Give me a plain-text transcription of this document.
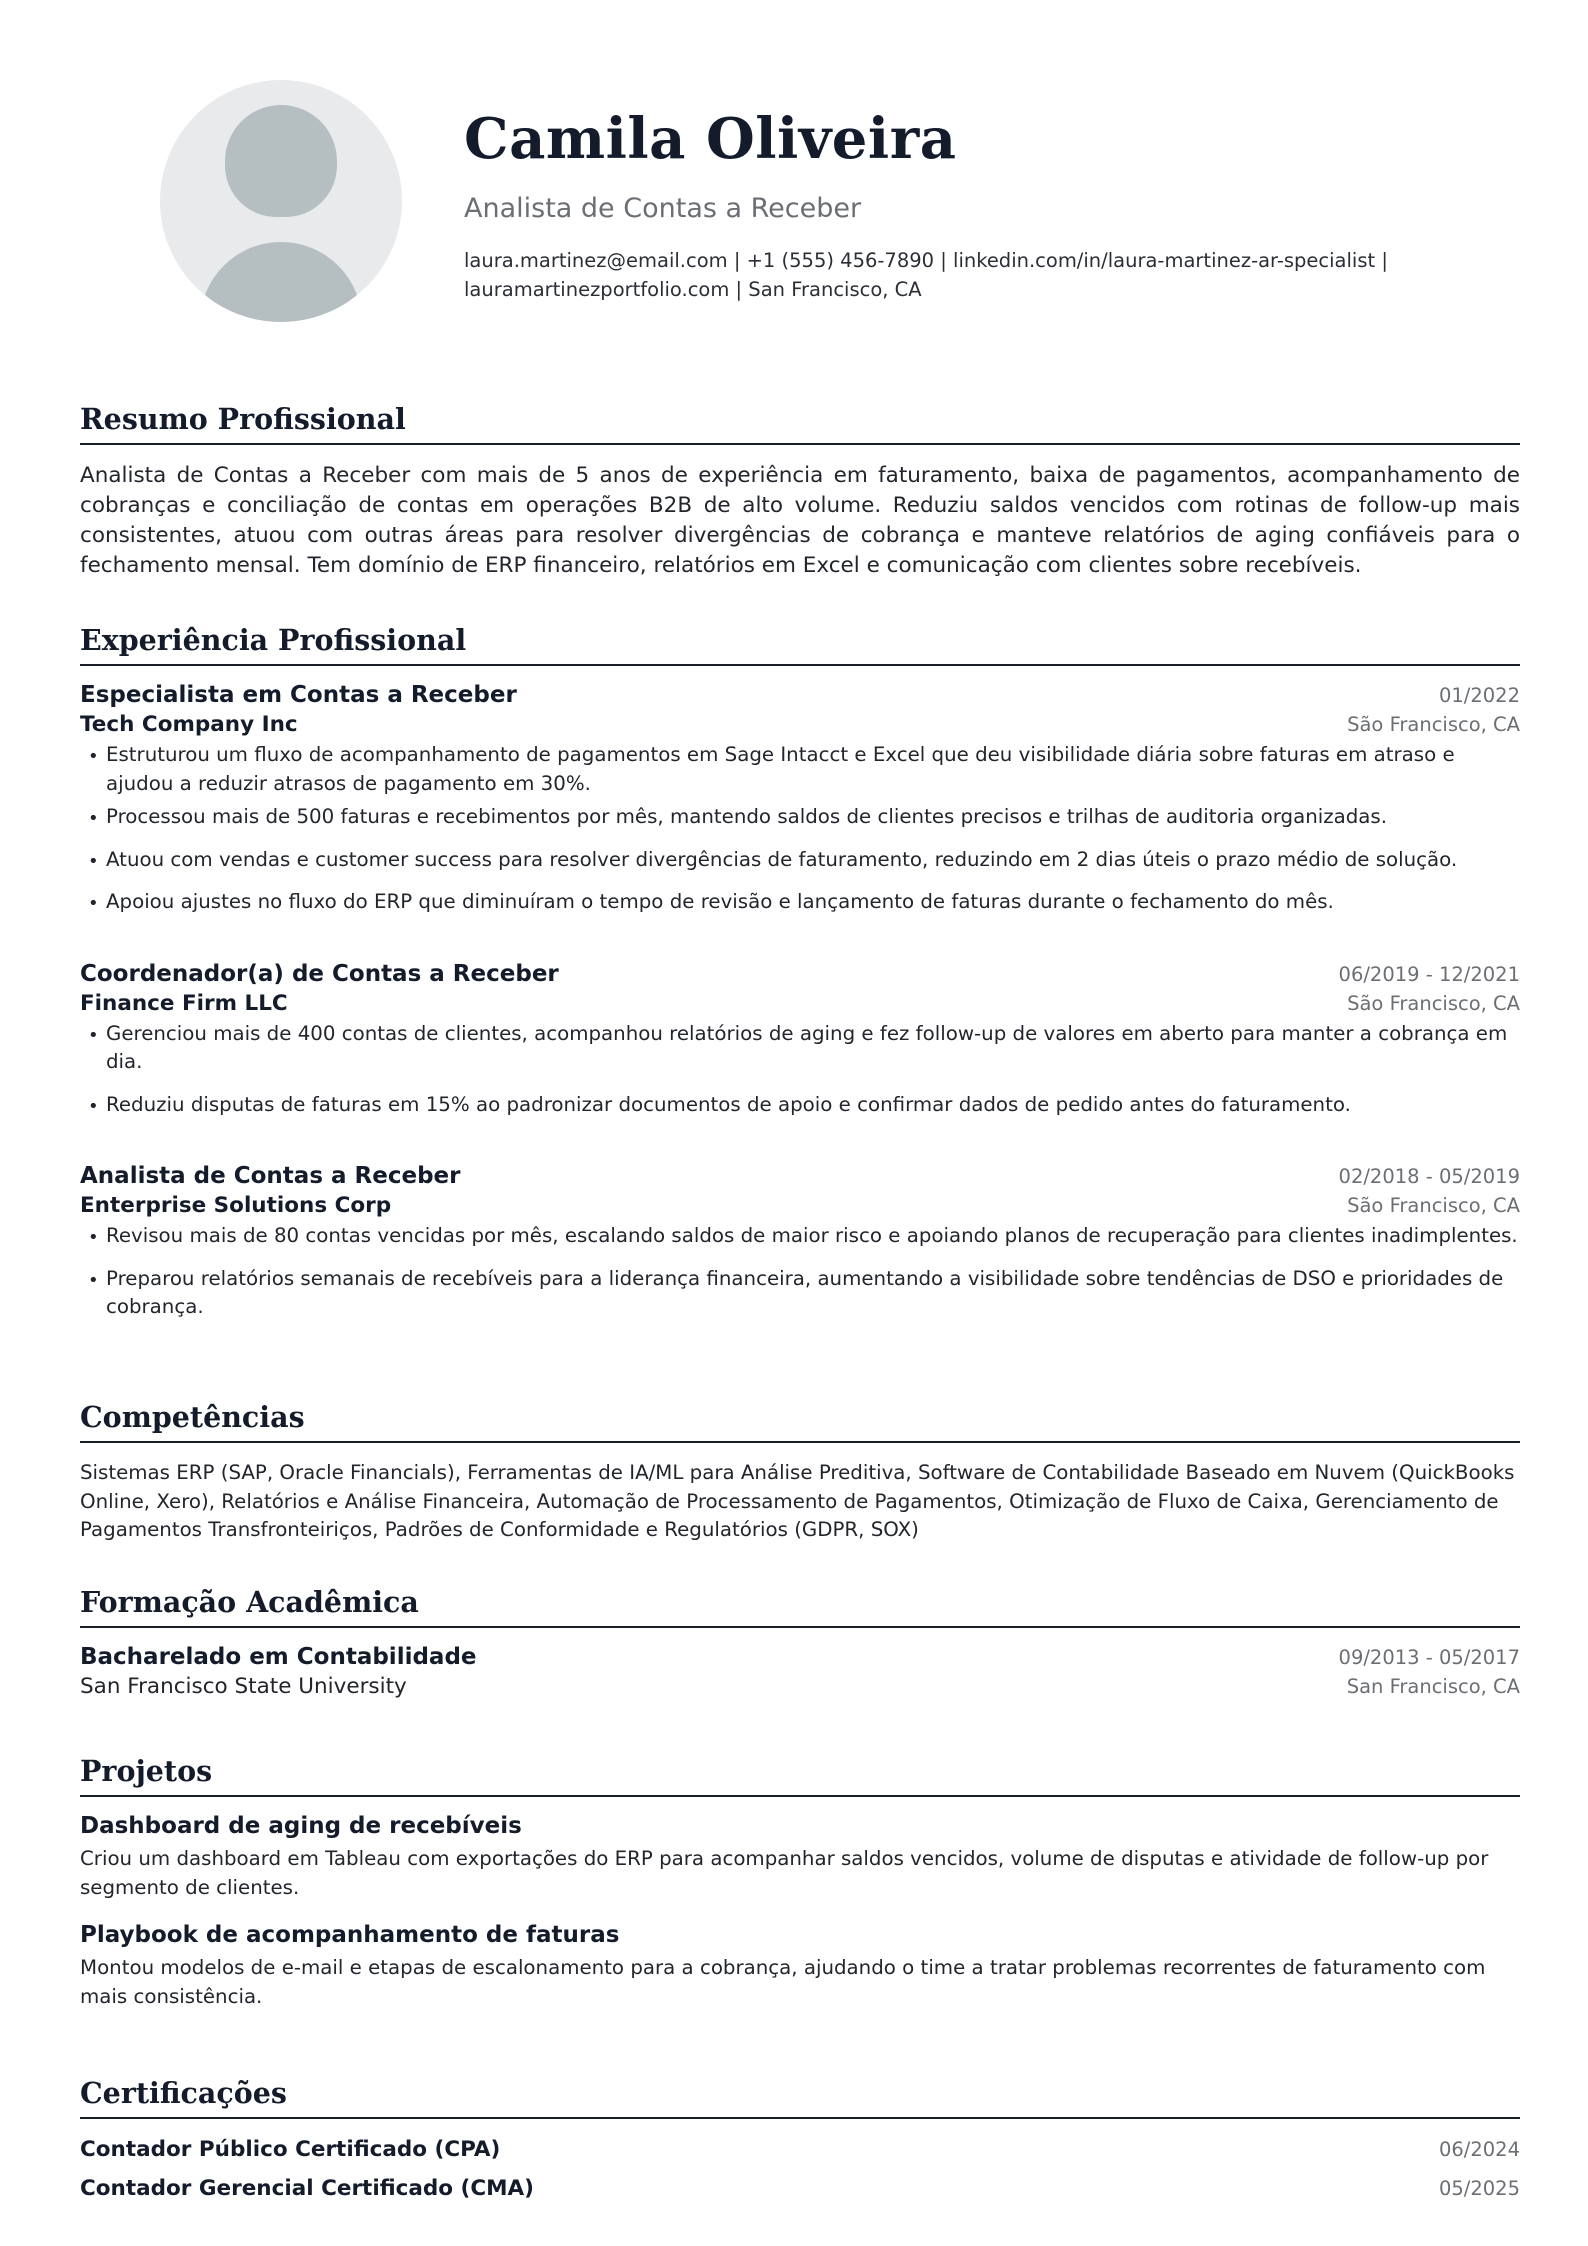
Camila Oliveira
Analista de Contas a Receber
laura.martinez@email.com | +1 (555) 456-7890 | linkedin.com/in/laura-martinez-ar-specialist |
lauramartinezportfolio.com | San Francisco, CA
Resumo Profissional
Analista de Contas a Receber com mais de 5 anos de experiência em faturamento, baixa de pagamentos, acompanhamento de cobranças e conciliação de contas em operações B2B de alto volume. Reduziu saldos vencidos com rotinas de follow-up mais consistentes, atuou com outras áreas para resolver divergências de cobrança e manteve relatórios de aging confiáveis para o fechamento mensal. Tem domínio de ERP financeiro, relatórios em Excel e comunicação com clientes sobre recebíveis.
Experiência Profissional
Especialista em Contas a Receber	01/2022
Tech Company Inc	São Francisco, CA
• Estruturou um fluxo de acompanhamento de pagamentos em Sage Intacct e Excel que deu visibilidade diária sobre faturas em atraso e ajudou a reduzir atrasos de pagamento em 30%.
• Processou mais de 500 faturas e recebimentos por mês, mantendo saldos de clientes precisos e trilhas de auditoria organizadas.
• Atuou com vendas e customer success para resolver divergências de faturamento, reduzindo em 2 dias úteis o prazo médio de solução.
• Apoiou ajustes no fluxo do ERP que diminuíram o tempo de revisão e lançamento de faturas durante o fechamento do mês.
Coordenador(a) de Contas a Receber	06/2019 - 12/2021
Finance Firm LLC	São Francisco, CA
• Gerenciou mais de 400 contas de clientes, acompanhou relatórios de aging e fez follow-up de valores em aberto para manter a cobrança em dia.
• Reduziu disputas de faturas em 15% ao padronizar documentos de apoio e confirmar dados de pedido antes do faturamento.
Analista de Contas a Receber	02/2018 - 05/2019
Enterprise Solutions Corp	São Francisco, CA
• Revisou mais de 80 contas vencidas por mês, escalando saldos de maior risco e apoiando planos de recuperação para clientes inadimplentes.
• Preparou relatórios semanais de recebíveis para a liderança financeira, aumentando a visibilidade sobre tendências de DSO e prioridades de cobrança.
Competências
Sistemas ERP (SAP, Oracle Financials), Ferramentas de IA/ML para Análise Preditiva, Software de Contabilidade Baseado em Nuvem (QuickBooks Online, Xero), Relatórios e Análise Financeira, Automação de Processamento de Pagamentos, Otimização de Fluxo de Caixa, Gerenciamento de Pagamentos Transfronteiriços, Padrões de Conformidade e Regulatórios (GDPR, SOX)
Formação Acadêmica
Bacharelado em Contabilidade	09/2013 - 05/2017
San Francisco State University	San Francisco, CA
Projetos
Dashboard de aging de recebíveis
Criou um dashboard em Tableau com exportações do ERP para acompanhar saldos vencidos, volume de disputas e atividade de follow-up por segmento de clientes.
Playbook de acompanhamento de faturas
Montou modelos de e-mail e etapas de escalonamento para a cobrança, ajudando o time a tratar problemas recorrentes de faturamento com mais consistência.
Certificações
Contador Público Certificado (CPA)	06/2024
Contador Gerencial Certificado (CMA)	05/2025
